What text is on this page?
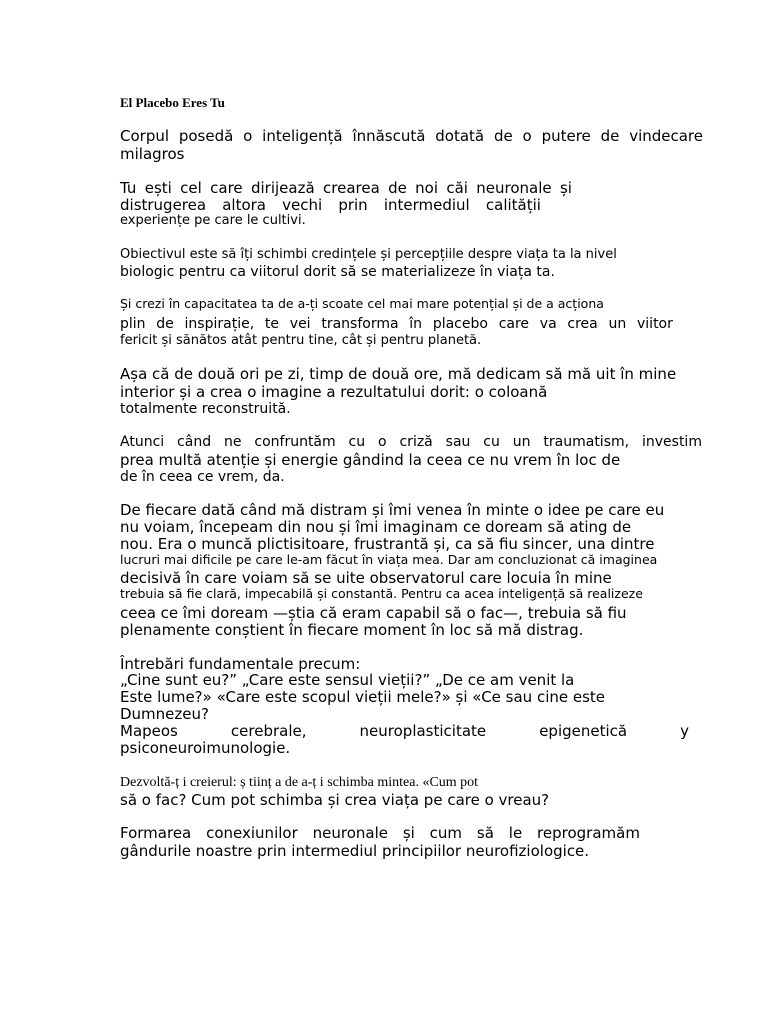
El Placebo Eres Tu
Corpul posedă o inteligență înnăscută dotată de o putere de vindecare
milagros
Tu ești cel care dirijează crearea de noi căi neuronale și
distrugerea altora vechi prin intermediul calității
experiențe pe care le cultivi.
Obiectivul este să îți schimbi credințele și percepțiile despre viața ta la nivel
biologic pentru ca viitorul dorit să se materializeze în viața ta.
Și crezi în capacitatea ta de a-ți scoate cel mai mare potențial și de a acționa
plin de inspirație, te vei transforma în placebo care va crea un viitor
fericit și sănătos atât pentru tine, cât și pentru planetă.
Așa că de două ori pe zi, timp de două ore, mă dedicam să mă uit în mine
interior și a crea o imagine a rezultatului dorit: o coloană
totalmente reconstruită.
Atunci când ne confruntăm cu o criză sau cu un traumatism, investim
prea multă atenție și energie gândind la ceea ce nu vrem în loc de
de în ceea ce vrem, da.
De fiecare dată când mă distram și îmi venea în minte o idee pe care eu
nu voiam, începeam din nou și îmi imaginam ce doream să ating de
nou. Era o muncă plictisitoare, frustrantă și, ca să fiu sincer, una dintre
lucruri mai dificile pe care le-am făcut în viața mea. Dar am concluzionat că imaginea
decisivă în care voiam să se uite observatorul care locuia în mine
trebuia să fie clară, impecabilă și constantă. Pentru ca acea inteligență să realizeze
ceea ce îmi doream —știa că eram capabil să o fac—, trebuia să fiu
plenamente conștient în fiecare moment în loc să mă distrag.
Întrebări fundamentale precum:
„Cine sunt eu?” „Care este sensul vieții?” „De ce am venit la
Este lume?» «Care este scopul vieții mele?» și «Ce sau cine este
Dumnezeu?
Mapeos	cerebrale,	neuroplasticitate	epigenetică	y
psiconeuroimunologie.
Dezvoltă-ț i creierul: ș tiinț a de a-ț i schimba mintea. «Cum pot
să o fac? Cum pot schimba și crea viața pe care o vreau?
Formarea conexiunilor neuronale și cum să le reprogramăm
gândurile noastre prin intermediul principiilor neurofiziologice.
